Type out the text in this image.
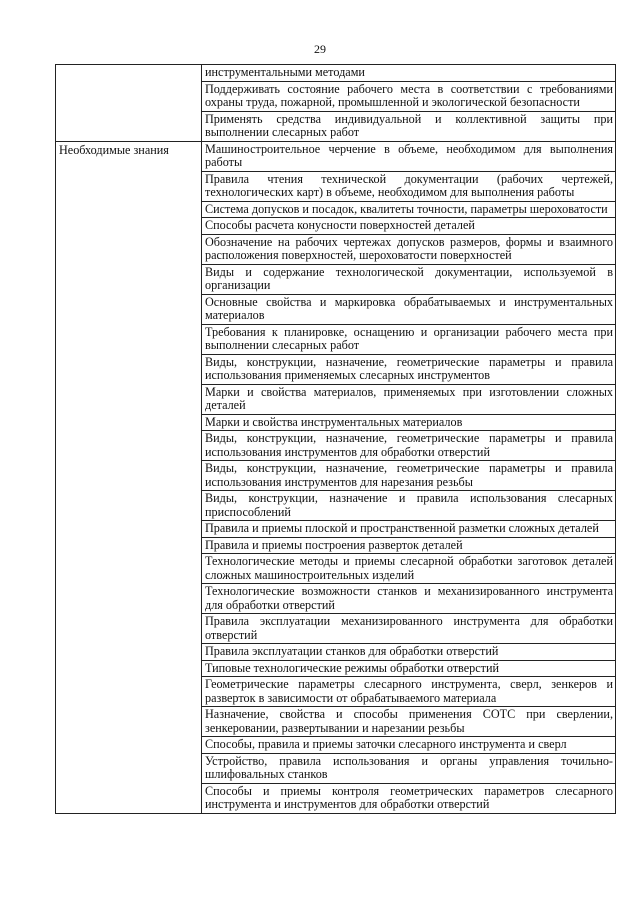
29
	инструментальными методами
	Поддерживать состояние рабочего места в соответствии с требованиями охраны труда, пожарной, промышленной и экологической безопасности
	Применять средства индивидуальной и коллективной защиты при выполнении слесарных работ
Необходимые знания	Машиностроительное черчение в объеме, необходимом для выполнения работы
	Правила чтения технической документации (рабочих чертежей, технологических карт) в объеме, необходимом для выполнения работы
	Система допусков и посадок, квалитеты точности, параметры шероховатости
	Способы расчета конусности поверхностей деталей
	Обозначение на рабочих чертежах допусков размеров, формы и взаимного расположения поверхностей, шероховатости поверхностей
	Виды и содержание технологической документации, используемой в организации
	Основные свойства и маркировка обрабатываемых и инструментальных материалов
	Требования к планировке, оснащению и организации рабочего места при выполнении слесарных работ
	Виды, конструкции, назначение, геометрические параметры и правила использования применяемых слесарных инструментов
	Марки и свойства материалов, применяемых при изготовлении сложных деталей
	Марки и свойства инструментальных материалов
	Виды, конструкции, назначение, геометрические параметры и правила использования инструментов для обработки отверстий
	Виды, конструкции, назначение, геометрические параметры и правила использования инструментов для нарезания резьбы
	Виды, конструкции, назначение и правила использования слесарных приспособлений
	Правила и приемы плоской и пространственной разметки сложных деталей
	Правила и приемы построения разверток деталей
	Технологические методы и приемы слесарной обработки заготовок деталей сложных машиностроительных изделий
	Технологические возможности станков и механизированного инструмента для обработки отверстий
	Правила эксплуатации механизированного инструмента для обработки отверстий
	Правила эксплуатации станков для обработки отверстий
	Типовые технологические режимы обработки отверстий
	Геометрические параметры слесарного инструмента, сверл, зенкеров и разверток в зависимости от обрабатываемого материала
	Назначение, свойства и способы применения СОТС при сверлении, зенкеровании, развертывании и нарезании резьбы
	Способы, правила и приемы заточки слесарного инструмента и сверл
	Устройство, правила использования и органы управления точильно-шлифовальных станков
	Способы и приемы контроля геометрических параметров слесарного инструмента и инструментов для обработки отверстий
